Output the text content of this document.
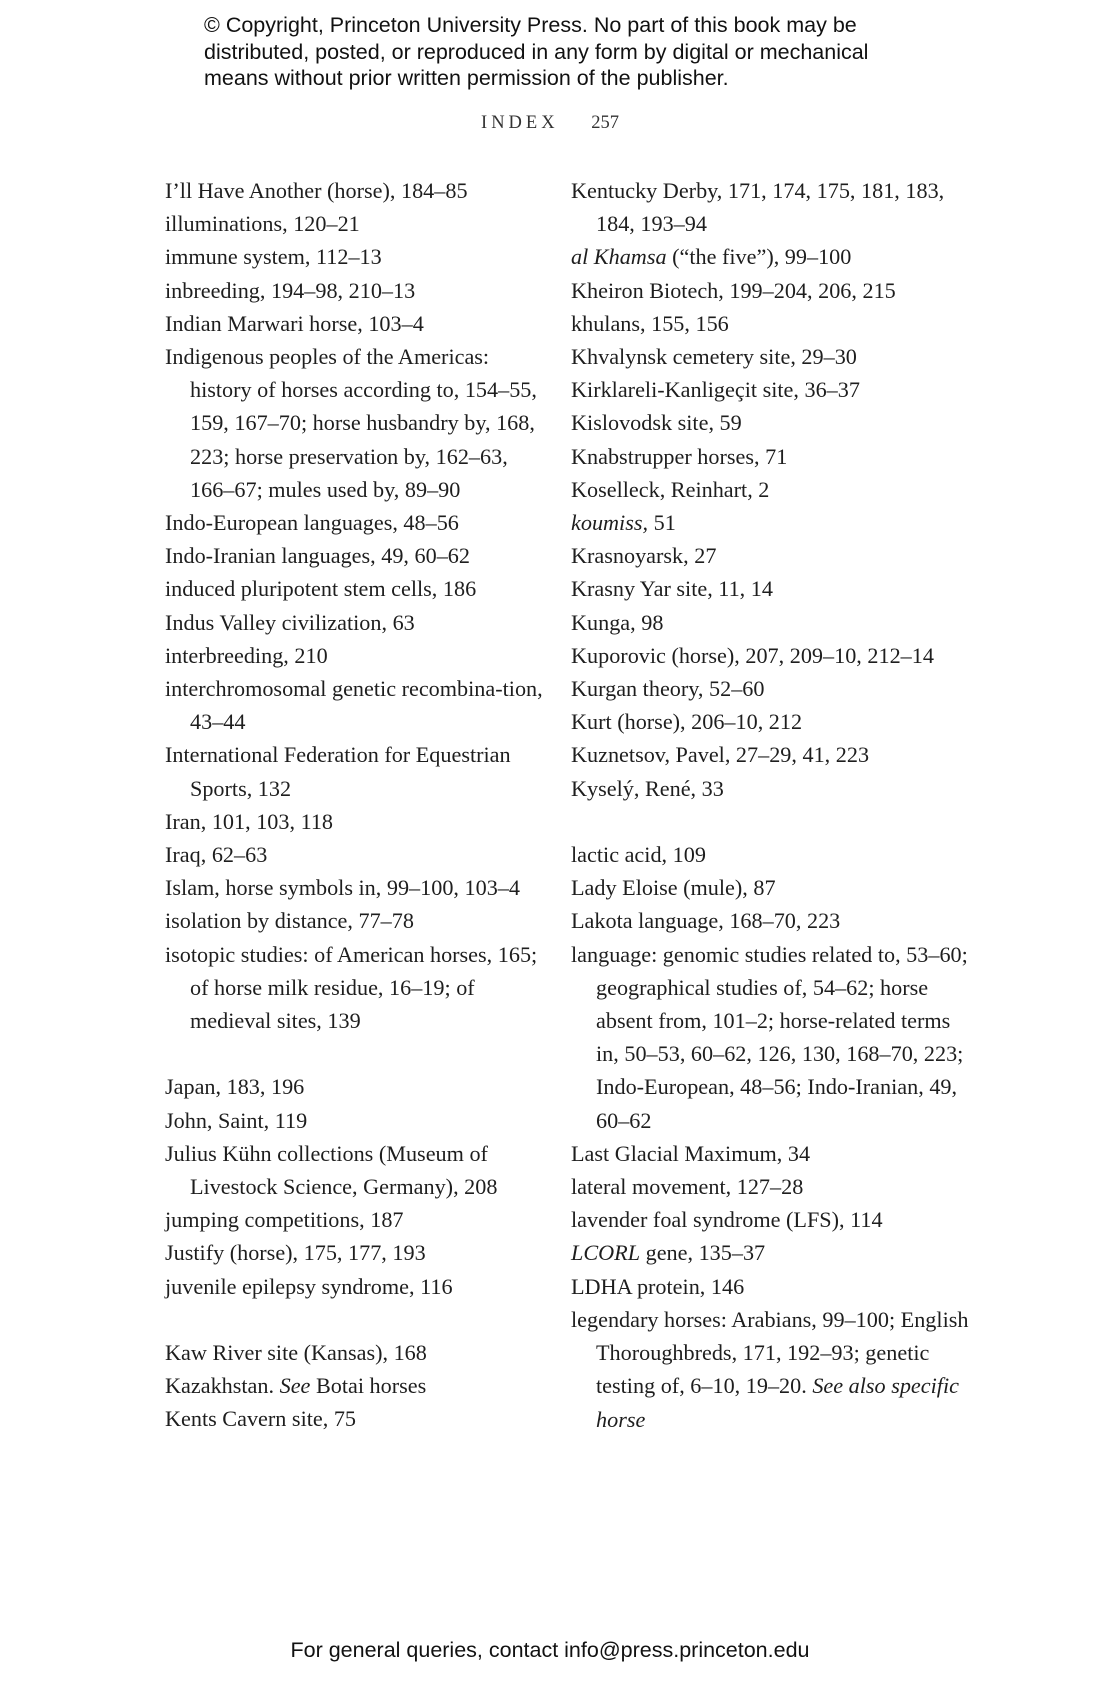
© Copyright, Princeton University Press. No part of this book may be distributed, posted, or reproduced in any form by digital or mechanical means without prior written permission of the publisher.
INDEX 257
I’ll Have Another (horse), 184–85
illuminations, 120–21
immune system, 112–13
inbreeding, 194–98, 210–13
Indian Marwari horse, 103–4
Indigenous peoples of the Americas: history of horses according to, 154–55, 159, 167–70; horse husbandry by, 168, 223; horse preservation by, 162–63, 166–67; mules used by, 89–90
Indo-European languages, 48–56
Indo-Iranian languages, 49, 60–62
induced pluripotent stem cells, 186
Indus Valley civilization, 63
interbreeding, 210
interchromosomal genetic recombina-tion, 43–44
International Federation for Equestrian Sports, 132
Iran, 101, 103, 118
Iraq, 62–63
Islam, horse symbols in, 99–100, 103–4
isolation by distance, 77–78
isotopic studies: of American horses, 165; of horse milk residue, 16–19; of medieval sites, 139
Japan, 183, 196
John, Saint, 119
Julius Kühn collections (Museum of Livestock Science, Germany), 208
jumping competitions, 187
Justify (horse), 175, 177, 193
juvenile epilepsy syndrome, 116
Kaw River site (Kansas), 168
Kazakhstan. See Botai horses
Kents Cavern site, 75
Kentucky Derby, 171, 174, 175, 181, 183, 184, 193–94
al Khamsa (“the five”), 99–100
Kheiron Biotech, 199–204, 206, 215
khulans, 155, 156
Khvalynsk cemetery site, 29–30
Kirklareli-Kanligeçit site, 36–37
Kislovodsk site, 59
Knabstrupper horses, 71
Koselleck, Reinhart, 2
koumiss, 51
Krasnoyarsk, 27
Krasny Yar site, 11, 14
Kunga, 98
Kuporovic (horse), 207, 209–10, 212–14
Kurgan theory, 52–60
Kurt (horse), 206–10, 212
Kuznetsov, Pavel, 27–29, 41, 223
Kyselý, René, 33
lactic acid, 109
Lady Eloise (mule), 87
Lakota language, 168–70, 223
language: genomic studies related to, 53–60; geographical studies of, 54–62; horse absent from, 101–2; horse-related terms in, 50–53, 60–62, 126, 130, 168–70, 223; Indo-European, 48–56; Indo-Iranian, 49, 60–62
Last Glacial Maximum, 34
lateral movement, 127–28
lavender foal syndrome (LFS), 114
LCORL gene, 135–37
LDHA protein, 146
legendary horses: Arabians, 99–100; English Thoroughbreds, 171, 192–93; genetic testing of, 6–10, 19–20. See also specific horse
For general queries, contact info@press.princeton.edu
